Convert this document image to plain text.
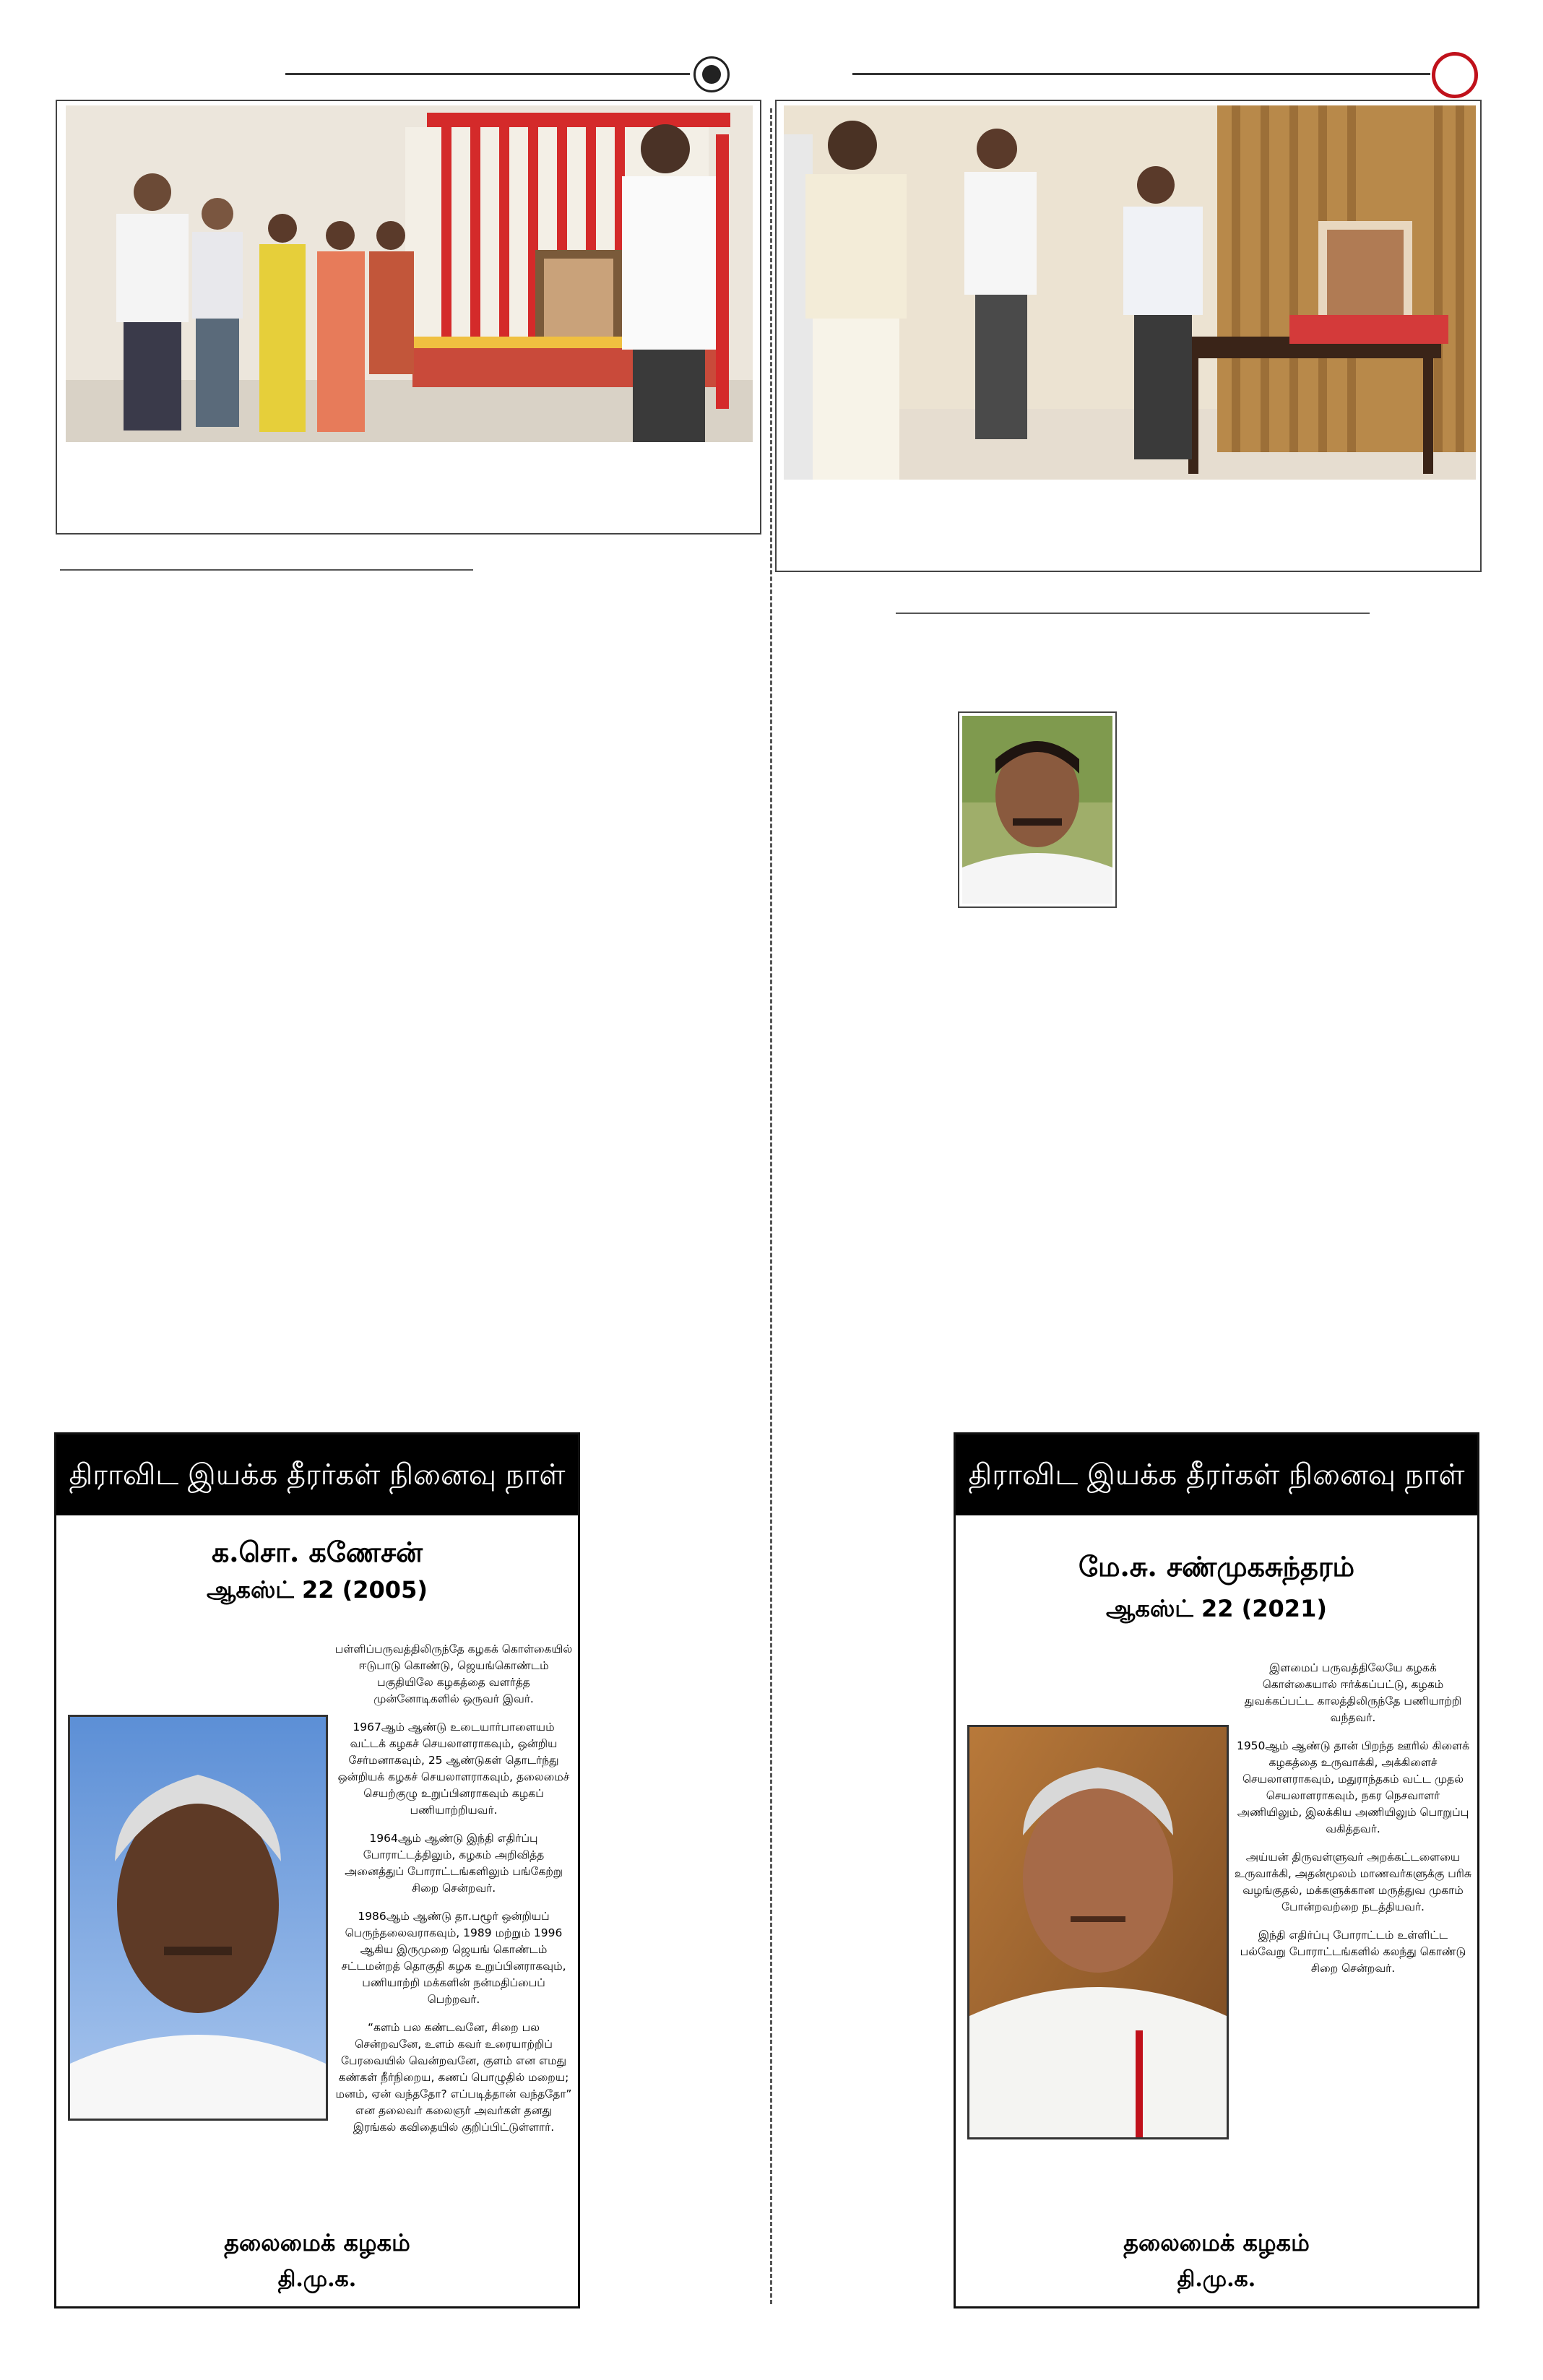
திராவிட இயக்க தீரர்கள் நினைவு நாள்
க.சொ. கணேசன்
ஆகஸ்ட் 22 (2005)

பள்ளிப்பருவத்திலிருந்தே கழகக் கொள்கையில் ஈடுபாடு கொண்டு, ஜெயங்கொண்டம் பகுதியிலே கழகத்தை வளர்த்த முன்னோடிகளில் ஒருவர் இவர்.

1967ஆம் ஆண்டு உடையார்பாளையம் வட்டக் கழகச் செயலாளராகவும், ஒன்றிய சேர்மனாகவும், 25 ஆண்டுகள் தொடர்ந்து ஒன்றியக் கழகச் செயலாளராகவும், தலைமைச் செயற்குழு உறுப்பினராகவும் கழகப் பணியாற்றியவர்.

1964ஆம் ஆண்டு இந்தி எதிர்ப்பு போராட்டத்திலும், கழகம் அறிவித்த அனைத்துப் போராட்டங்களிலும் பங்கேற்று சிறை சென்றவர்.

1986ஆம் ஆண்டு தா.பழூர் ஒன்றியப் பெருந்தலைவராகவும், 1989 மற்றும் 1996 ஆகிய இருமுறை ஜெயங் கொண்டம் சட்டமன்றத் தொகுதி கழக உறுப்பினராகவும், பணியாற்றி மக்களின் நன்மதிப்பைப் பெற்றவர்.

“களம் பல கண்டவனே, சிறை பல சென்றவனே, உளம் கவர் உரையாற்றிப் பேரவையில் வென்றவனே, குளம் என எமது கண்கள் நீர்நிறைய, கணப் பொழுதில் மறைய; மனம், ஏன் வந்ததோ? எப்படித்தான் வந்ததோ” என தலைவர் கலைஞர் அவர்கள் தனது இரங்கல் கவிதையில் குறிப்பிட்டுள்ளார்.

தலைமைக் கழகம்
தி.மு.க.
திராவிட இயக்க தீரர்கள் நினைவு நாள்
மே.சு. சண்முகசுந்தரம்
ஆகஸ்ட் 22 (2021)

இளமைப் பருவத்திலேயே கழகக் கொள்கையால் ஈர்க்கப்பட்டு, கழகம் துவக்கப்பட்ட காலத்திலிருந்தே பணியாற்றி வந்தவர்.

1950ஆம் ஆண்டு தான் பிறந்த ஊரில் கிளைக் கழகத்தை உருவாக்கி, அக்கிளைச் செயலாளராகவும், மதுராந்தகம் வட்ட முதல் செயலாளராகவும், நகர நெசவாளர் அணியிலும், இலக்கிய அணியிலும் பொறுப்பு வகித்தவர்.

அய்யன் திருவள்ளுவர் அறக்கட்டளையை உருவாக்கி, அதன்மூலம் மாணவர்களுக்கு பரிசு வழங்குதல், மக்களுக்கான மருத்துவ முகாம் போன்றவற்றை நடத்தியவர்.

இந்தி எதிர்ப்பு போராட்டம் உள்ளிட்ட பல்வேறு போராட்டங்களில் கலந்து கொண்டு சிறை சென்றவர்.

தலைமைக் கழகம்
தி.மு.க.
